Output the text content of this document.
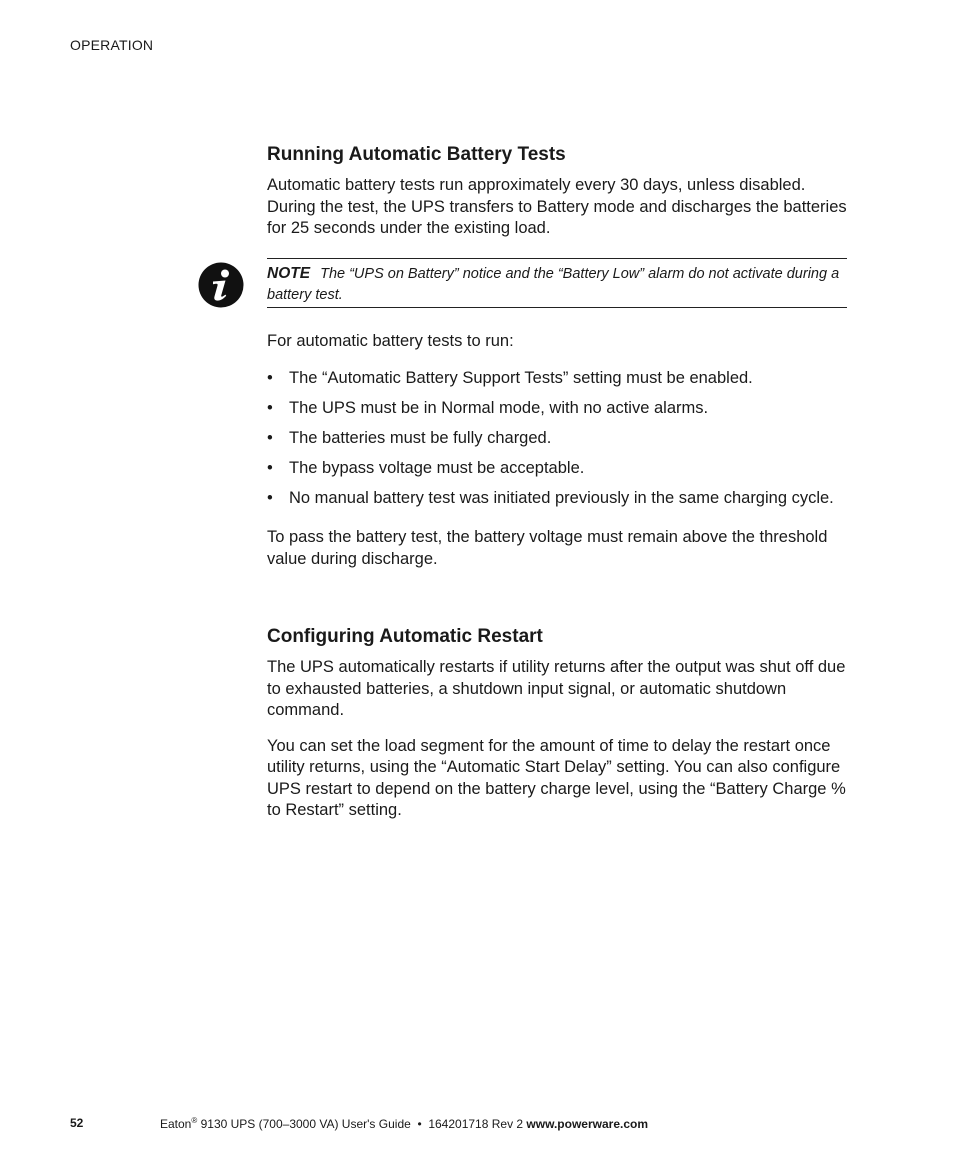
OPERATION
Running Automatic Battery Tests

Automatic battery tests run approximately every 30 days, unless disabled. During the test, the UPS transfers to Battery mode and discharges the batteries for 25 seconds under the existing load.

NOTE The “UPS on Battery” notice and the “Battery Low” alarm do not activate during a battery test.

For automatic battery tests to run:

• The “Automatic Battery Support Tests” setting must be enabled.
• The UPS must be in Normal mode, with no active alarms.
• The batteries must be fully charged.
• The bypass voltage must be acceptable.
• No manual battery test was initiated previously in the same charging cycle.

To pass the battery test, the battery voltage must remain above the threshold value during discharge.

Configuring Automatic Restart

The UPS automatically restarts if utility returns after the output was shut off due to exhausted batteries, a shutdown input signal, or automatic shutdown command.

You can set the load segment for the amount of time to delay the restart once utility returns, using the “Automatic Start Delay” setting. You can also configure UPS restart to depend on the battery charge level, using the “Battery Charge % to Restart” setting.

52	Eaton® 9130 UPS (700–3000 VA) User's Guide  •  164201718 Rev 2 www.powerware.com
